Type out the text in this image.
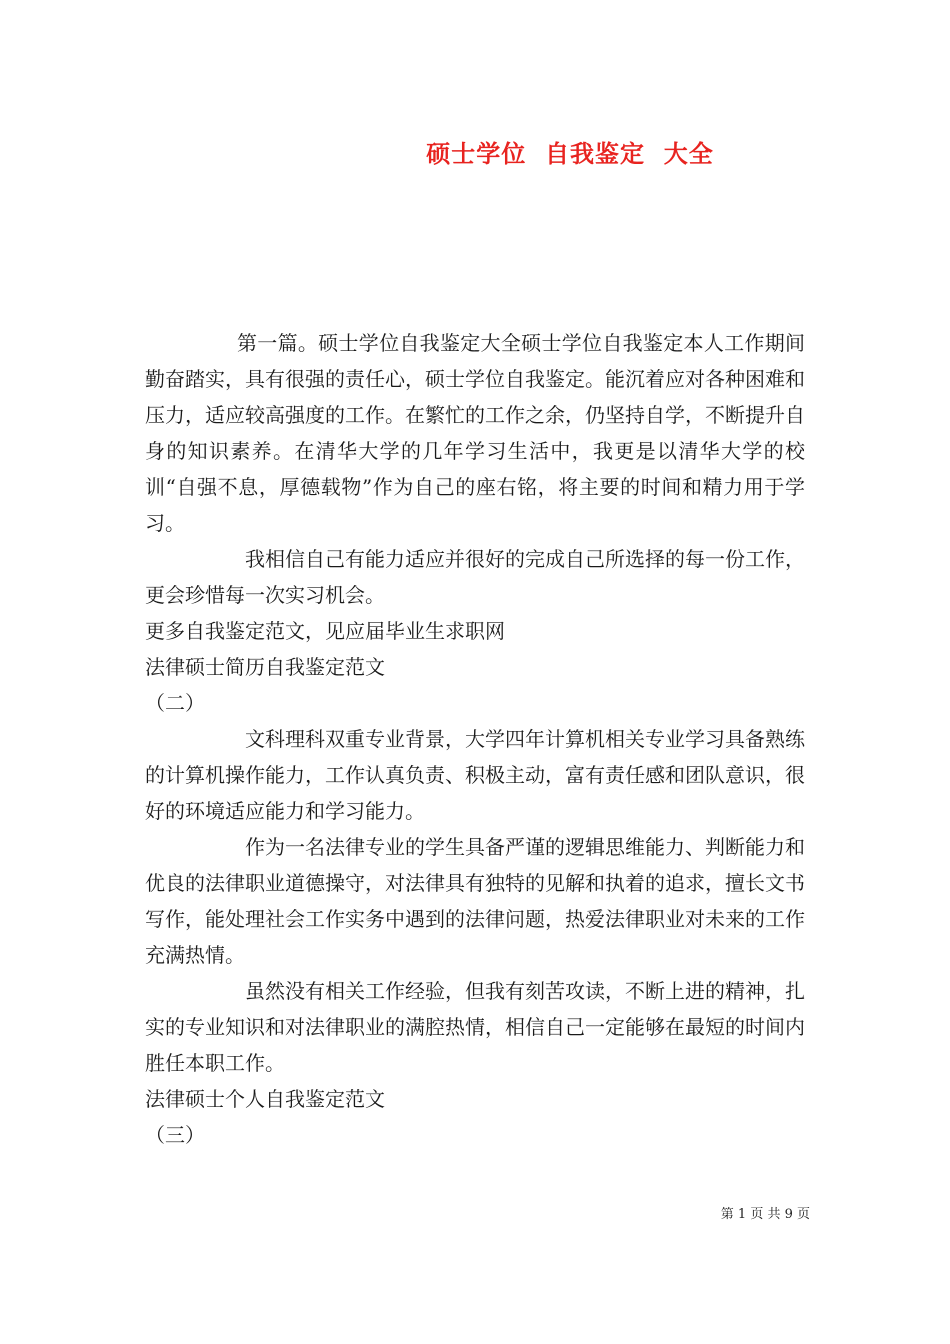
硕士学位  自我鉴定  大全

第一篇。硕士学位自我鉴定大全硕士学位自我鉴定本人工作期间勤奋踏实，具有很强的责任心，硕士学位自我鉴定。能沉着应对各种困难和压力，适应较高强度的工作。在繁忙的工作之余，仍坚持自学，不断提升自身的知识素养。在清华大学的几年学习生活中，我更是以清华大学的校训“自强不息，厚德载物”作为自己的座右铭，将主要的时间和精力用于学习。

我相信自己有能力适应并很好的完成自己所选择的每一份工作，更会珍惜每一次实习机会。

更多自我鉴定范文，见应届毕业生求职网

法律硕士简历自我鉴定范文

（二）

文科理科双重专业背景，大学四年计算机相关专业学习具备熟练的计算机操作能力，工作认真负责、积极主动，富有责任感和团队意识，很好的环境适应能力和学习能力。

作为一名法律专业的学生具备严谨的逻辑思维能力、判断能力和优良的法律职业道德操守，对法律具有独特的见解和执着的追求，擅长文书写作，能处理社会工作实务中遇到的法律问题，热爱法律职业对未来的工作充满热情。

虽然没有相关工作经验，但我有刻苦攻读，不断上进的精神，扎实的专业知识和对法律职业的满腔热情，相信自己一定能够在最短的时间内胜任本职工作。

法律硕士个人自我鉴定范文

（三）

第 1 页 共 9 页
